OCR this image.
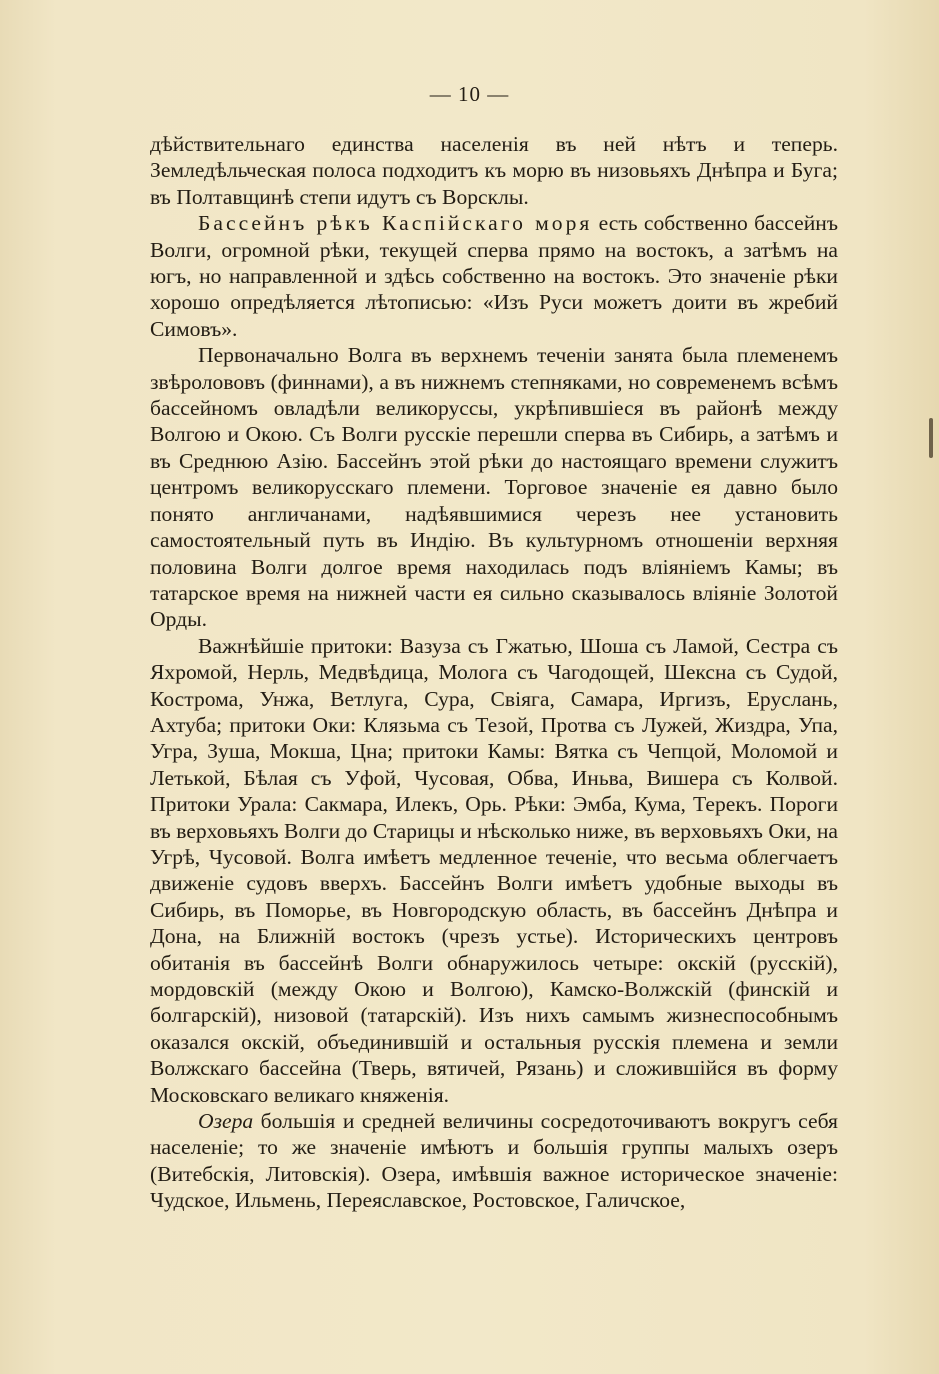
— 10 —

дѣйствительнаго единства населенія въ ней нѣтъ и теперь. Земледѣльческая полоса подходитъ къ морю въ низовьяхъ Днѣпра и Буга; въ Полтавщинѣ степи идутъ съ Ворсклы.

Бассейнъ рѣкъ Каспійскаго моря есть собственно бассейнъ Волги, огромной рѣки, текущей сперва прямо на востокъ, а затѣмъ на югъ, но направленной и здѣсь собственно на востокъ. Это значеніе рѣки хорошо опредѣляется лѣтописью: «Изъ Руси можетъ доити въ жребий Симовъ».

Первоначально Волга въ верхнемъ теченіи занята была племенемъ звѣролововъ (финнами), а въ нижнемъ степняками, но современемъ всѣмъ бассейномъ овладѣли великоруссы, укрѣпившіеся въ районѣ между Волгою и Окою. Съ Волги русскіе перешли сперва въ Сибирь, а затѣмъ и въ Среднюю Азію. Бассейнъ этой рѣки до настоящаго времени служитъ центромъ великорусскаго племени. Торговое значеніе ея давно было понято англичанами, надѣявшимися черезъ нее установить самостоятельный путь въ Индію. Въ культурномъ отношеніи верхняя половина Волги долгое время находилась подъ вліяніемъ Камы; въ татарское время на нижней части ея сильно сказывалось вліяніе Золотой Орды.

Важнѣйшіе притоки: Вазуза съ Гжатью, Шоша съ Ламой, Сестра съ Яхромой, Нерль, Медвѣдица, Молога съ Чагодощей, Шексна съ Судой, Кострома, Унжа, Ветлуга, Сура, Свіяга, Самара, Иргизъ, Еруслань, Ахтуба; притоки Оки: Клязьма съ Тезой, Протва съ Лужей, Жиздра, Упа, Угра, Зуша, Мокша, Цна; притоки Камы: Вятка съ Чепцой, Моломой и Летькой, Бѣлая съ Уфой, Чусовая, Обва, Иньва, Вишера съ Колвой. Притоки Урала: Сакмара, Илекъ, Орь. Рѣки: Эмба, Кума, Терекъ. Пороги въ верховьяхъ Волги до Старицы и нѣсколько ниже, въ верховьяхъ Оки, на Угрѣ, Чусовой. Волга имѣетъ медленное теченіе, что весьма облегчаетъ движеніе судовъ вверхъ. Бассейнъ Волги имѣетъ удобные выходы въ Сибирь, въ Поморье, въ Новгородскую область, въ бассейнъ Днѣпра и Дона, на Ближній востокъ (чрезъ устье). Историческихъ центровъ обитанія въ бассейнѣ Волги обнаружилось четыре: окскій (русскій), мордовскій (между Окою и Волгою), Камско-Волжскій (финскій и болгарскій), низовой (татарскій). Изъ нихъ самымъ жизнеспособнымъ оказался окскій, объединившій и остальныя русскія племена и земли Волжскаго бассейна (Тверь, вятичей, Рязань) и сложившійся въ форму Московскаго великаго княженія.

Озера большія и средней величины сосредоточиваютъ вокругъ себя населеніе; то же значеніе имѣютъ и большія группы малыхъ озеръ (Витебскія, Литовскія). Озера, имѣвшія важное историческое значеніе: Чудское, Ильмень, Переяславское, Ростовское, Галичское,
